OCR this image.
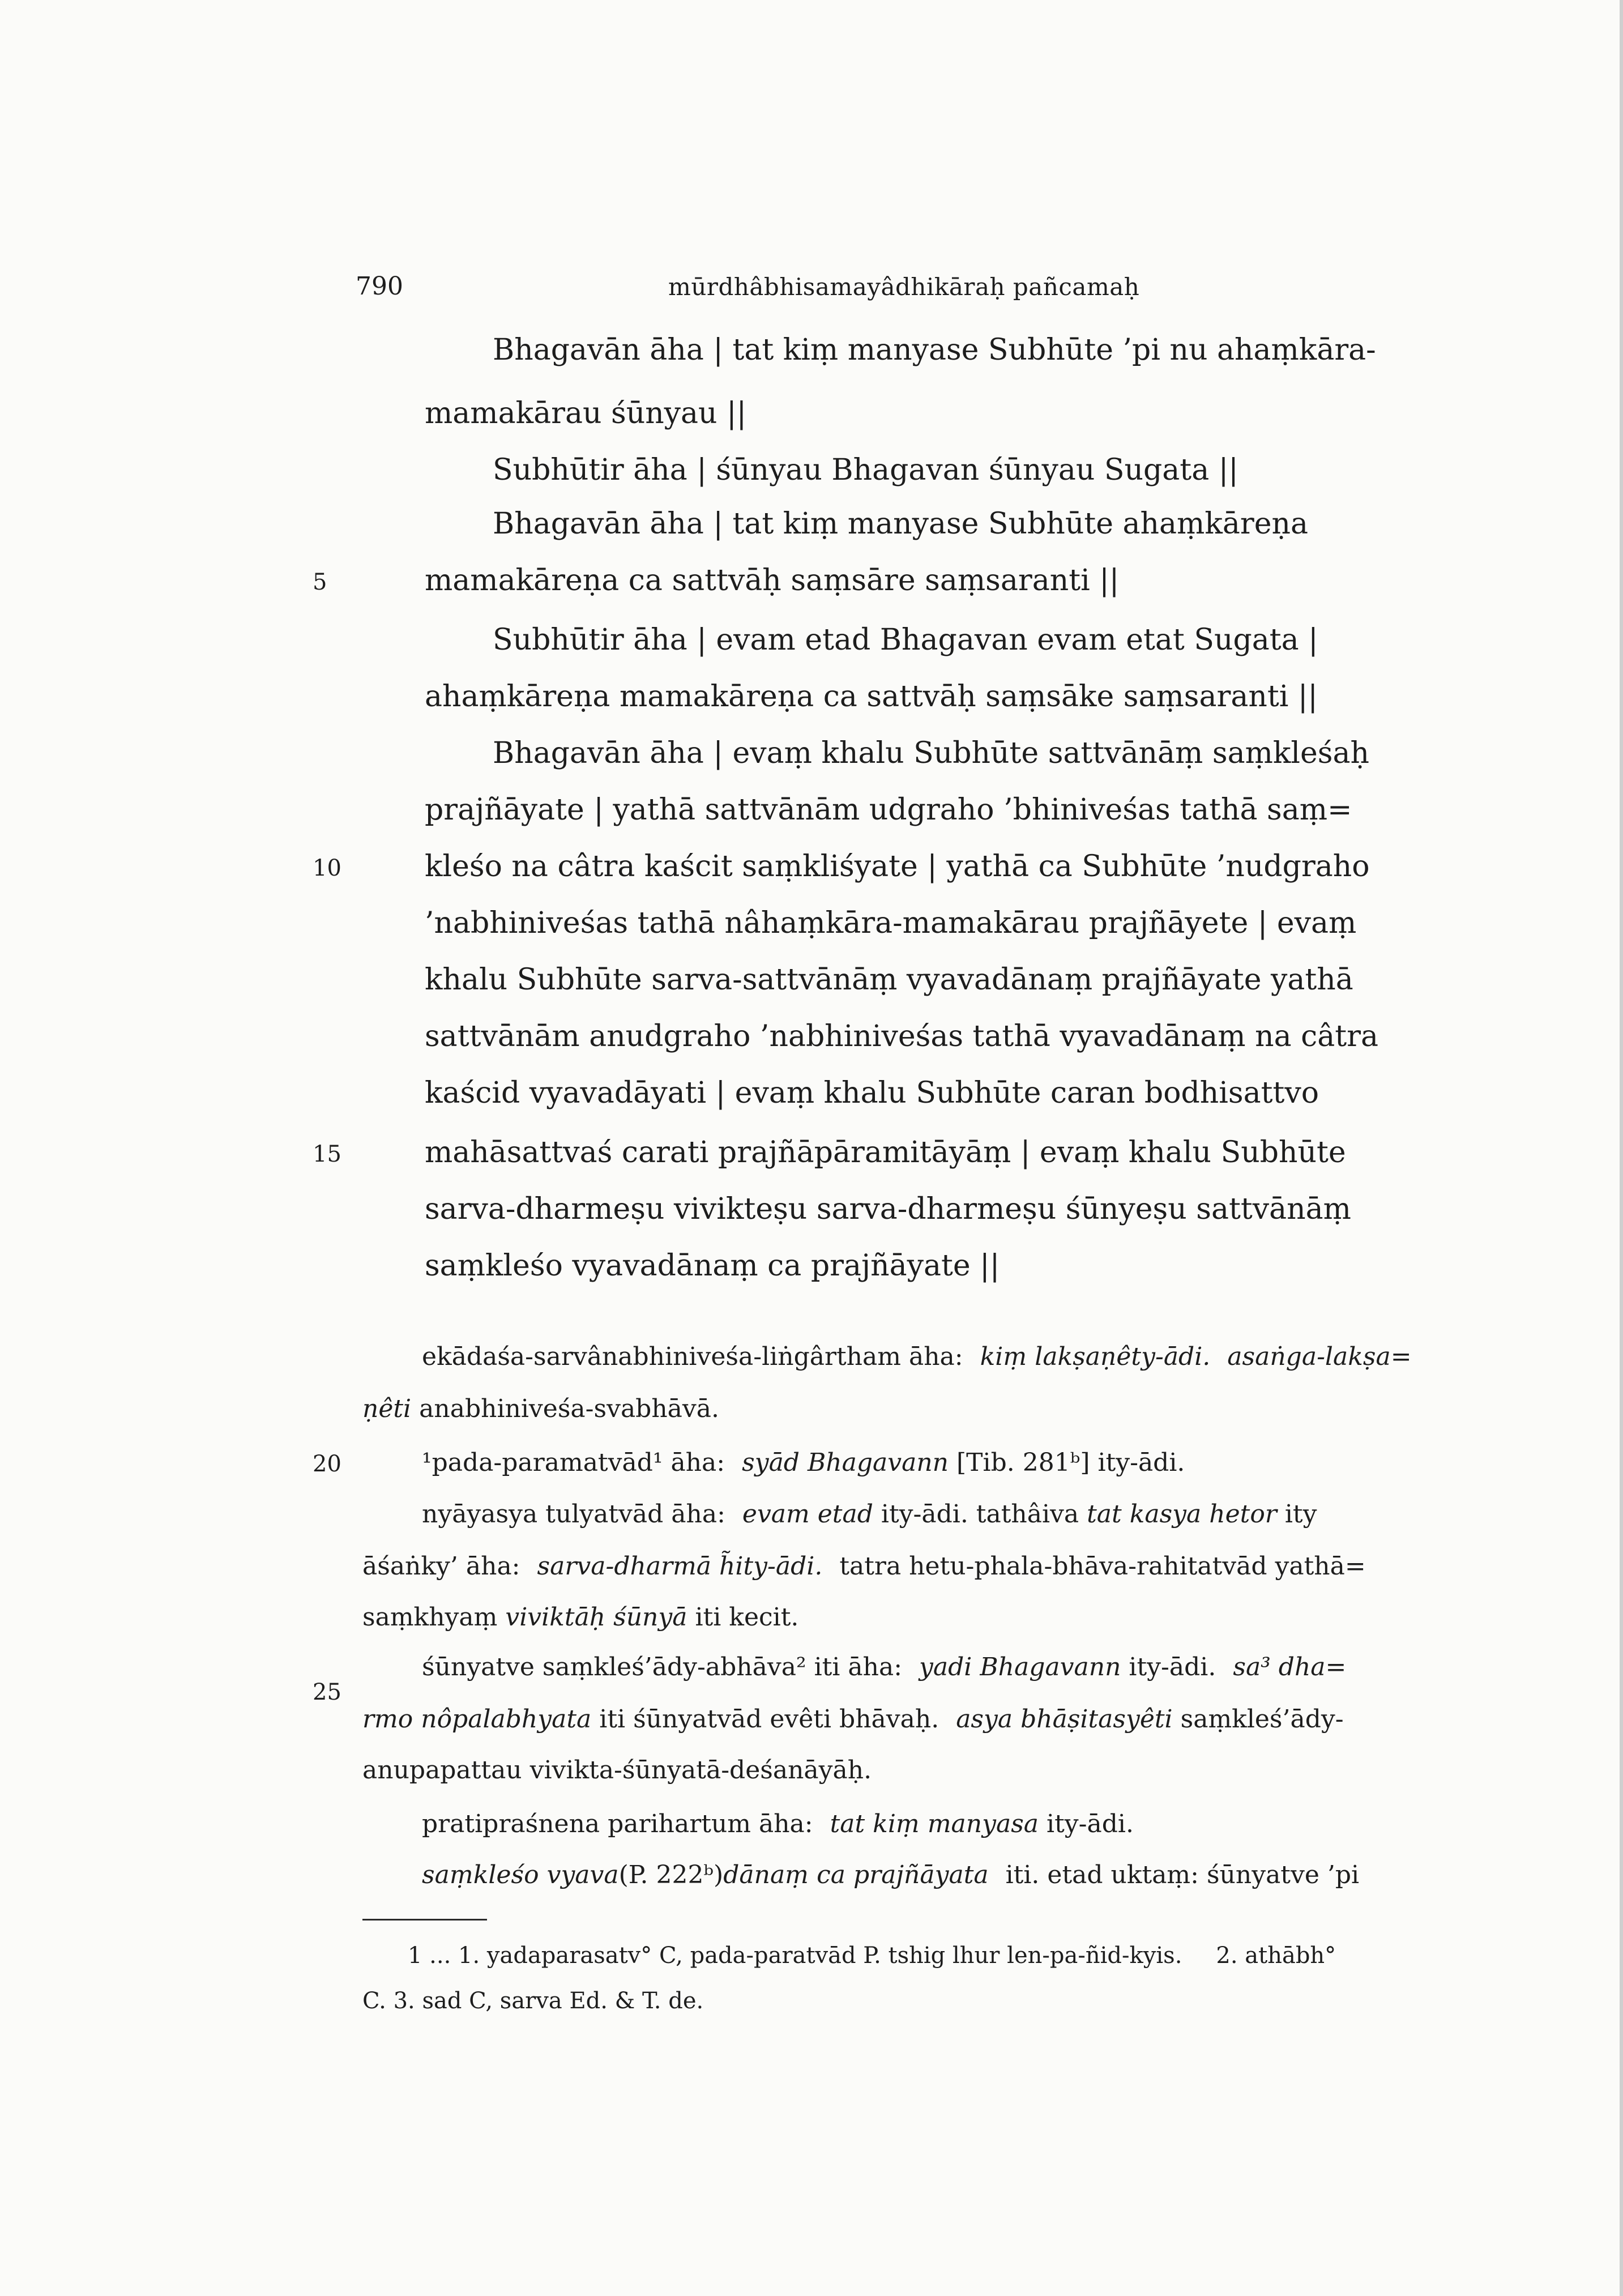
790	mūrdhâbhisamayâdhikāraḥ pañcamaḥ
Bhagavān āha | tat kiṃ manyase Subhūte ’pi nu ahaṃkāra-
mamakārau śūnyau ||
Subhūtir āha | śūnyau Bhagavan śūnyau Sugata ||
Bhagavān āha | tat kiṃ manyase Subhūte ahaṃkāreṇa
mamakāreṇa ca sattvāḥ saṃsāre saṃsaranti ||
Subhūtir āha | evam etad Bhagavan evam etat Sugata |
ahaṃkāreṇa mamakāreṇa ca sattvāḥ saṃsāke saṃsaranti ||
Bhagavān āha | evaṃ khalu Subhūte sattvānāṃ saṃkleśaḥ
prajñāyate | yathā sattvānām udgraho ’bhiniveśas tathā saṃ=
kleśo na câtra kaścit saṃkliśyate | yathā ca Subhūte ’nudgraho
’nabhiniveśas tathā nâhaṃkāra-mamakārau prajñāyete | evaṃ
khalu Subhūte sarva-sattvānāṃ vyavadānaṃ prajñāyate yathā
sattvānām anudgraho ’nabhiniveśas tathā vyavadānaṃ na câtra
kaścid vyavadāyati | evaṃ khalu Subhūte caran bodhisattvo
mahāsattvaś carati prajñāpāramitāyāṃ | evaṃ khalu Subhūte
sarva-dharmeṣu vivikteṣu sarva-dharmeṣu śūnyeṣu sattvānāṃ
saṃkleśo vyavadānaṃ ca prajñāyate ||
5
10
15
20
25
ekādaśa-sarvânabhiniveśa-liṅgârtham āha: kiṃ lakṣaṇêty-ādi. asaṅga-lakṣa=
ṇêti anabhiniveśa-svabhāvā.
¹pada-paramatvād¹ āha: syād Bhagavann [Tib. 281ᵇ] ity-ādi.
nyāyasya tulyatvād āha: evam etad ity-ādi. tathâiva tat kasya hetor ity
āśaṅky’ āha: sarva-dharmā h̃ity-ādi. tatra hetu-phala-bhāva-rahitatvād yathā=
saṃkhyaṃ viviktāḥ śūnyā iti kecit.
śūnyatve saṃkleś’ādy-abhāva² iti āha: yadi Bhagavann ity-ādi. sa³ dha=
rmo nôpalabhyata iti śūnyatvād evêti bhāvaḥ. asya bhāṣitasyêti saṃkleś’ādy-
anupapattau vivikta-śūnyatā-deśanāyāḥ.
pratipraśnena parihartum āha: tat kiṃ manyasa ity-ādi.
saṃkleśo vyava(P. 222ᵇ)dānaṃ ca prajñāyata iti. etad uktaṃ: śūnyatve ’pi
1 ... 1. yadaparasatv° C, pada-paratvād P. tshig lhur len-pa-ñid-kyis. 2. athābh°
C. 3. sad C, sarva Ed. & T. de.
